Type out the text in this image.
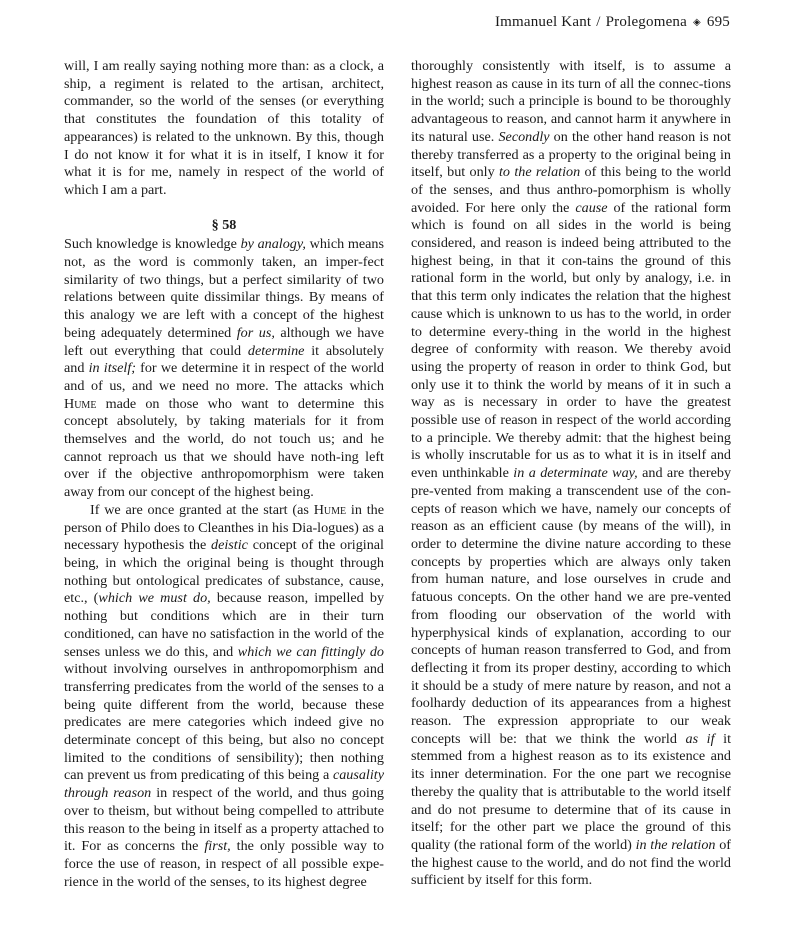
Immanuel Kant / Prolegomena ◈ 695

will, I am really saying nothing more than: as a clock, a ship, a regiment is related to the artisan, architect, commander, so the world of the senses (or everything that constitutes the foundation of this totality of appearances) is related to the unknown. By this, though I do not know it for what it is in itself, I know it for what it is for me, namely in respect of the world of which I am a part.

§ 58

Such knowledge is knowledge by analogy, which means not, as the word is commonly taken, an imper-fect similarity of two things, but a perfect similarity of two relations between quite dissimilar things. By means of this analogy we are left with a concept of the highest being adequately determined for us, although we have left out everything that could determine it absolutely and in itself; for we determine it in respect of the world and of us, and we need no more. The attacks which Hume made on those who want to determine this concept absolutely, by taking materials for it from themselves and the world, do not touch us; and he cannot reproach us that we should have noth-ing left over if the objective anthropomorphism were taken away from our concept of the highest being.

If we are once granted at the start (as Hume in the person of Philo does to Cleanthes in his Dia-logues) as a necessary hypothesis the deistic concept of the original being, in which the original being is thought through nothing but ontological predicates of substance, cause, etc., (which we must do, because reason, impelled by nothing but conditions which are in their turn conditioned, can have no satisfaction in the world of the senses unless we do this, and which we can fittingly do without involving ourselves in anthropomorphism and transferring predicates from the world of the senses to a being quite different from the world, because these predicates are mere categories which indeed give no determinate concept of this being, but also no concept limited to the conditions of sensibility); then nothing can prevent us from predicating of this being a causality through reason in respect of the world, and thus going over to theism, but without being compelled to attribute this reason to the being in itself as a property attached to it. For as concerns the first, the only possible way to force the use of reason, in respect of all possible expe-rience in the world of the senses, to its highest degree

thoroughly consistently with itself, is to assume a highest reason as cause in its turn of all the connec-tions in the world; such a principle is bound to be thoroughly advantageous to reason, and cannot harm it anywhere in its natural use. Secondly on the other hand reason is not thereby transferred as a property to the original being in itself, but only to the relation of this being to the world of the senses, and thus anthro-pomorphism is wholly avoided. For here only the cause of the rational form which is found on all sides in the world is being considered, and reason is indeed being attributed to the highest being, in that it con-tains the ground of this rational form in the world, but only by analogy, i.e. in that this term only indicates the relation that the highest cause which is unknown to us has to the world, in order to determine every-thing in the world in the highest degree of conformity with reason. We thereby avoid using the property of reason in order to think God, but only use it to think the world by means of it in such a way as is necessary in order to have the greatest possible use of reason in respect of the world according to a principle. We thereby admit: that the highest being is wholly inscrutable for us as to what it is in itself and even unthinkable in a determinate way, and are thereby pre-vented from making a transcendent use of the con-cepts of reason which we have, namely our concepts of reason as an efficient cause (by means of the will), in order to determine the divine nature according to these concepts by properties which are always only taken from human nature, and lose ourselves in crude and fatuous concepts. On the other hand we are pre-vented from flooding our observation of the world with hyperphysical kinds of explanation, according to our concepts of human reason transferred to God, and from deflecting it from its proper destiny, according to which it should be a study of mere nature by reason, and not a foolhardy deduction of its appearances from a highest reason. The expression appropriate to our weak concepts will be: that we think the world as if it stemmed from a highest reason as to its existence and its inner determination. For the one part we recognise thereby the quality that is attributable to the world itself and do not presume to determine that of its cause in itself; for the other part we place the ground of this quality (the rational form of the world) in the relation of the highest cause to the world, and do not find the world sufficient by itself for this form.
